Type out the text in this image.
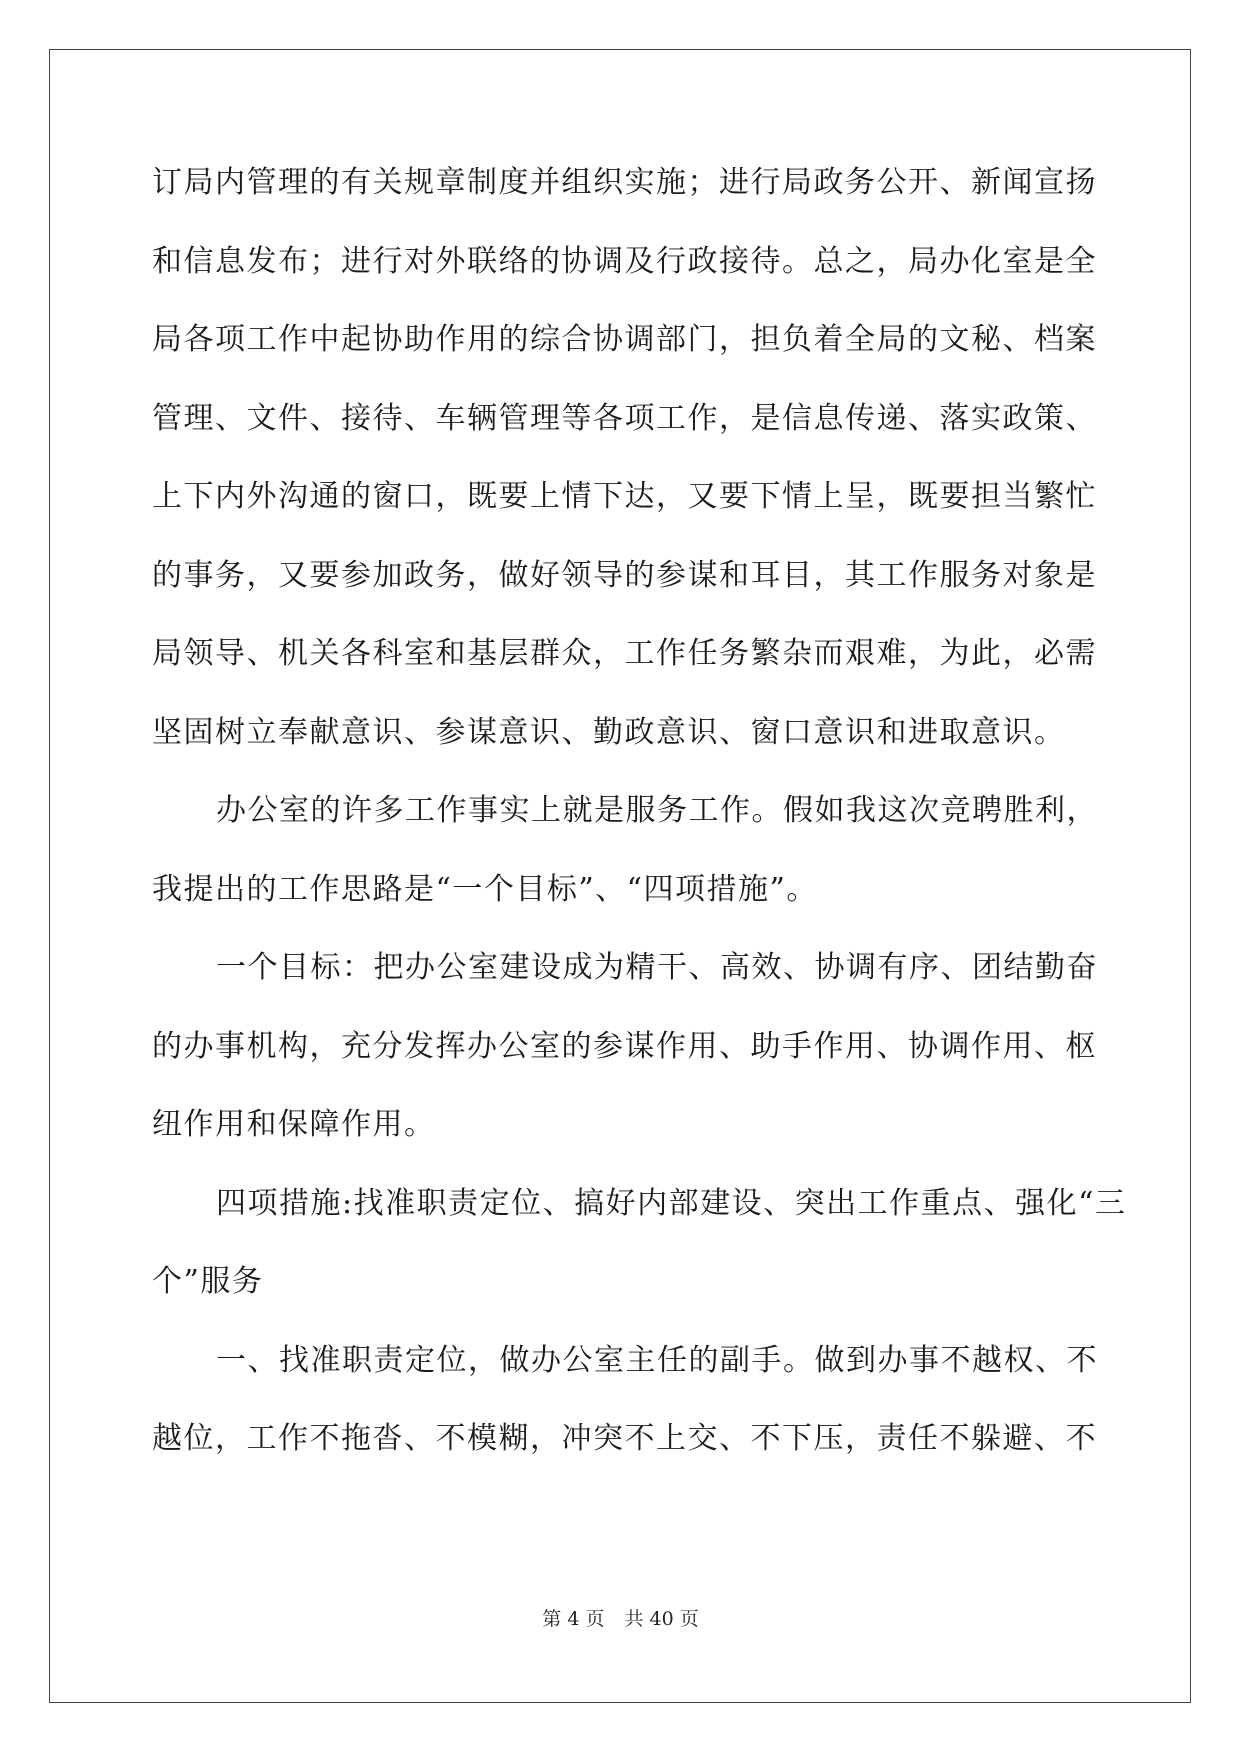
订局内管理的有关规章制度并组织实施；进行局政务公开、新闻宣扬
和信息发布；进行对外联络的协调及行政接待。总之，局办化室是全
局各项工作中起协助作用的综合协调部门，担负着全局的文秘、档案
管理、文件、接待、车辆管理等各项工作，是信息传递、落实政策、
上下内外沟通的窗口，既要上情下达，又要下情上呈，既要担当繁忙
的事务，又要参加政务，做好领导的参谋和耳目，其工作服务对象是
局领导、机关各科室和基层群众，工作任务繁杂而艰难，为此，必需
坚固树立奉献意识、参谋意识、勤政意识、窗口意识和进取意识。
办公室的许多工作事实上就是服务工作。假如我这次竞聘胜利，
我提出的工作思路是“一个目标”、“四项措施”。
一个目标：把办公室建设成为精干、高效、协调有序、团结勤奋
的办事机构，充分发挥办公室的参谋作用、助手作用、协调作用、枢
纽作用和保障作用。
四项措施:找准职责定位、搞好内部建设、突出工作重点、强化“三
个”服务
一、找准职责定位，做办公室主任的副手。做到办事不越权、不
越位，工作不拖沓、不模糊，冲突不上交、不下压，责任不躲避、不
第 4 页 共 40 页
